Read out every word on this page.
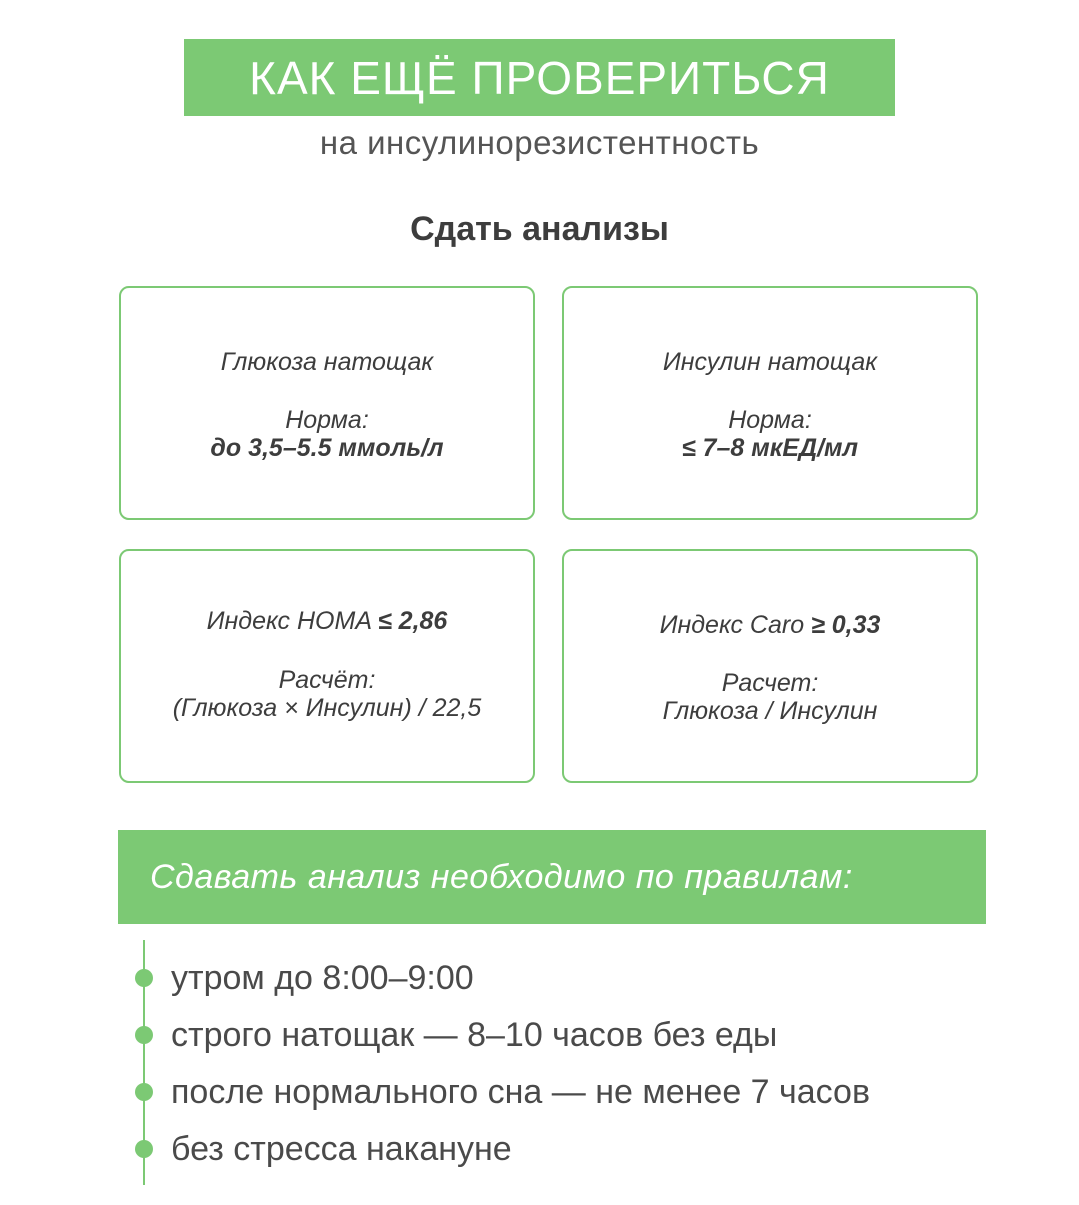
КАК ЕЩЁ ПРОВЕРИТЬСЯ
на инсулинорезистентность
Сдать анализы
Глюкоза натощак
Норма:
до 3,5–5.5 ммоль/л
Инсулин натощак
Норма:
≤ 7–8 мкЕД/мл
Индекс HOMA ≤ 2,86
Расчёт:
(Глюкоза × Инсулин) / 22,5
Индекс Caro ≥ 0,33
Расчет:
Глюкоза / Инсулин
Сдавать анализ необходимо по правилам:
утром до 8:00–9:00
строго натощак — 8–10 часов без еды
после нормального сна — не менее 7 часов
без стресса накануне
